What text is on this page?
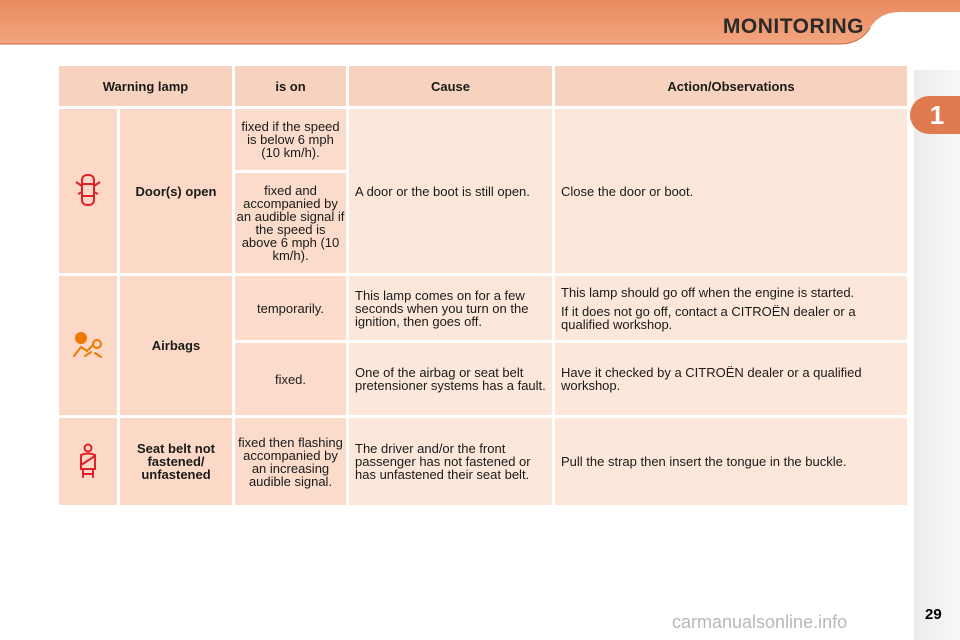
MONITORING
1
Warning lamp		is on	Cause	Action/Observations
	Door(s) open	fixed if the speed is below 6 mph (10 km/h).	A door or the boot is still open.	Close the door or boot.
		fixed and accompanied by an audible signal if the speed is above 6 mph (10 km/h).		
	Airbags	temporarily.	This lamp comes on for a few seconds when you turn on the ignition, then goes off.	This lamp should go off when the engine is started.

If it does not go off, contact a CITROËN dealer or a qualified workshop.

		fixed.	One of the airbag or seat belt pretensioner systems has a fault.	Have it checked by a CITROËN dealer or a qualified workshop.
	Seat belt not fastened/ unfastened	fixed then flashing accompanied by an increasing audible signal.	The driver and/or the front passenger has not fastened or has unfastened their seat belt.	Pull the strap then insert the tongue in the buckle.
carmanualsonline.info	29
